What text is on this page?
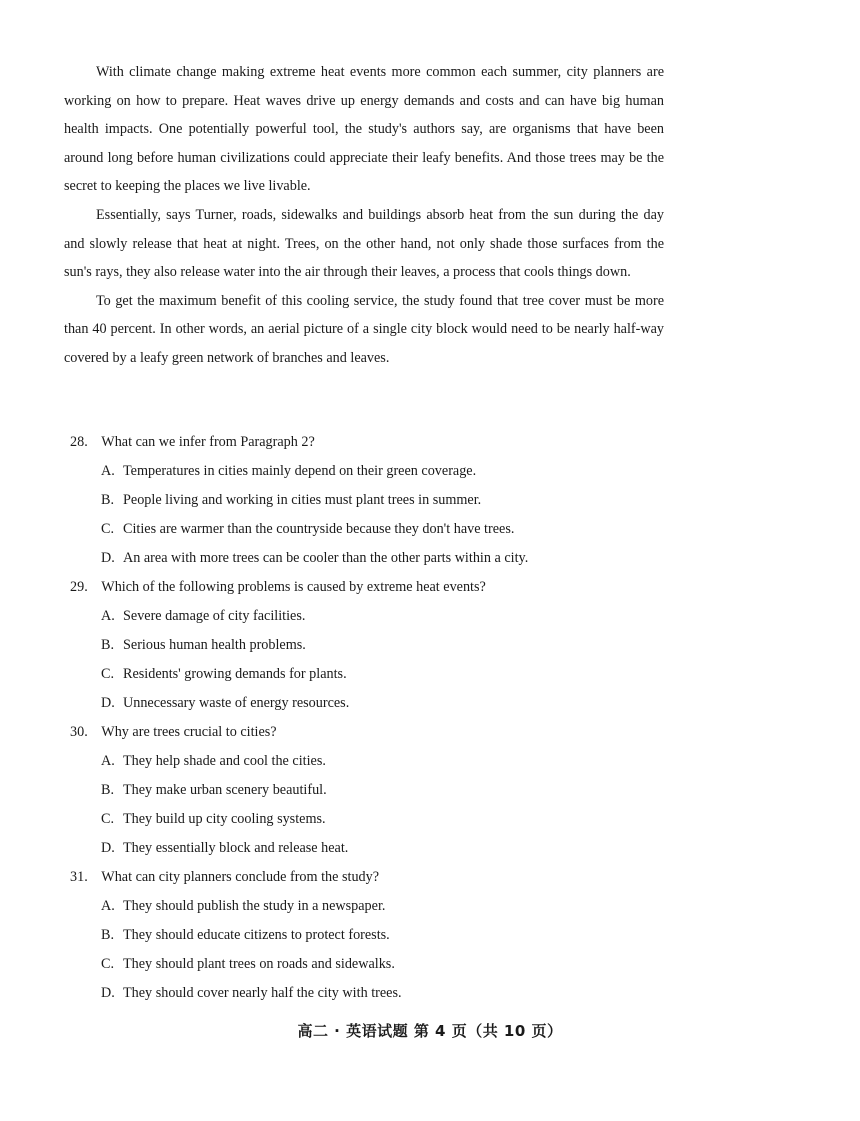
With climate change making extreme heat events more common each summer, city planners are working on how to prepare. Heat waves drive up energy demands and costs and can have big human health impacts. One potentially powerful tool, the study's authors say, are organisms that have been around long before human civilizations could appreciate their leafy benefits. And those trees may be the secret to keeping the places we live livable.

Essentially, says Turner, roads, sidewalks and buildings absorb heat from the sun during the day and slowly release that heat at night. Trees, on the other hand, not only shade those surfaces from the sun's rays, they also release water into the air through their leaves, a process that cools things down.

To get the maximum benefit of this cooling service, the study found that tree cover must be more than 40 percent. In other words, an aerial picture of a single city block would need to be nearly half-way covered by a leafy green network of branches and leaves.

28. What can we infer from Paragraph 2?
A. Temperatures in cities mainly depend on their green coverage.
B. People living and working in cities must plant trees in summer.
C. Cities are warmer than the countryside because they don't have trees.
D. An area with more trees can be cooler than the other parts within a city.
29. Which of the following problems is caused by extreme heat events?
A. Severe damage of city facilities.
B. Serious human health problems.
C. Residents' growing demands for plants.
D. Unnecessary waste of energy resources.
30. Why are trees crucial to cities?
A. They help shade and cool the cities.
B. They make urban scenery beautiful.
C. They build up city cooling systems.
D. They essentially block and release heat.
31. What can city planners conclude from the study?
A. They should publish the study in a newspaper.
B. They should educate citizens to protect forests.
C. They should plant trees on roads and sidewalks.
D. They should cover nearly half the city with trees.
高二 · 英语试题 第 4 页（共 10 页）
